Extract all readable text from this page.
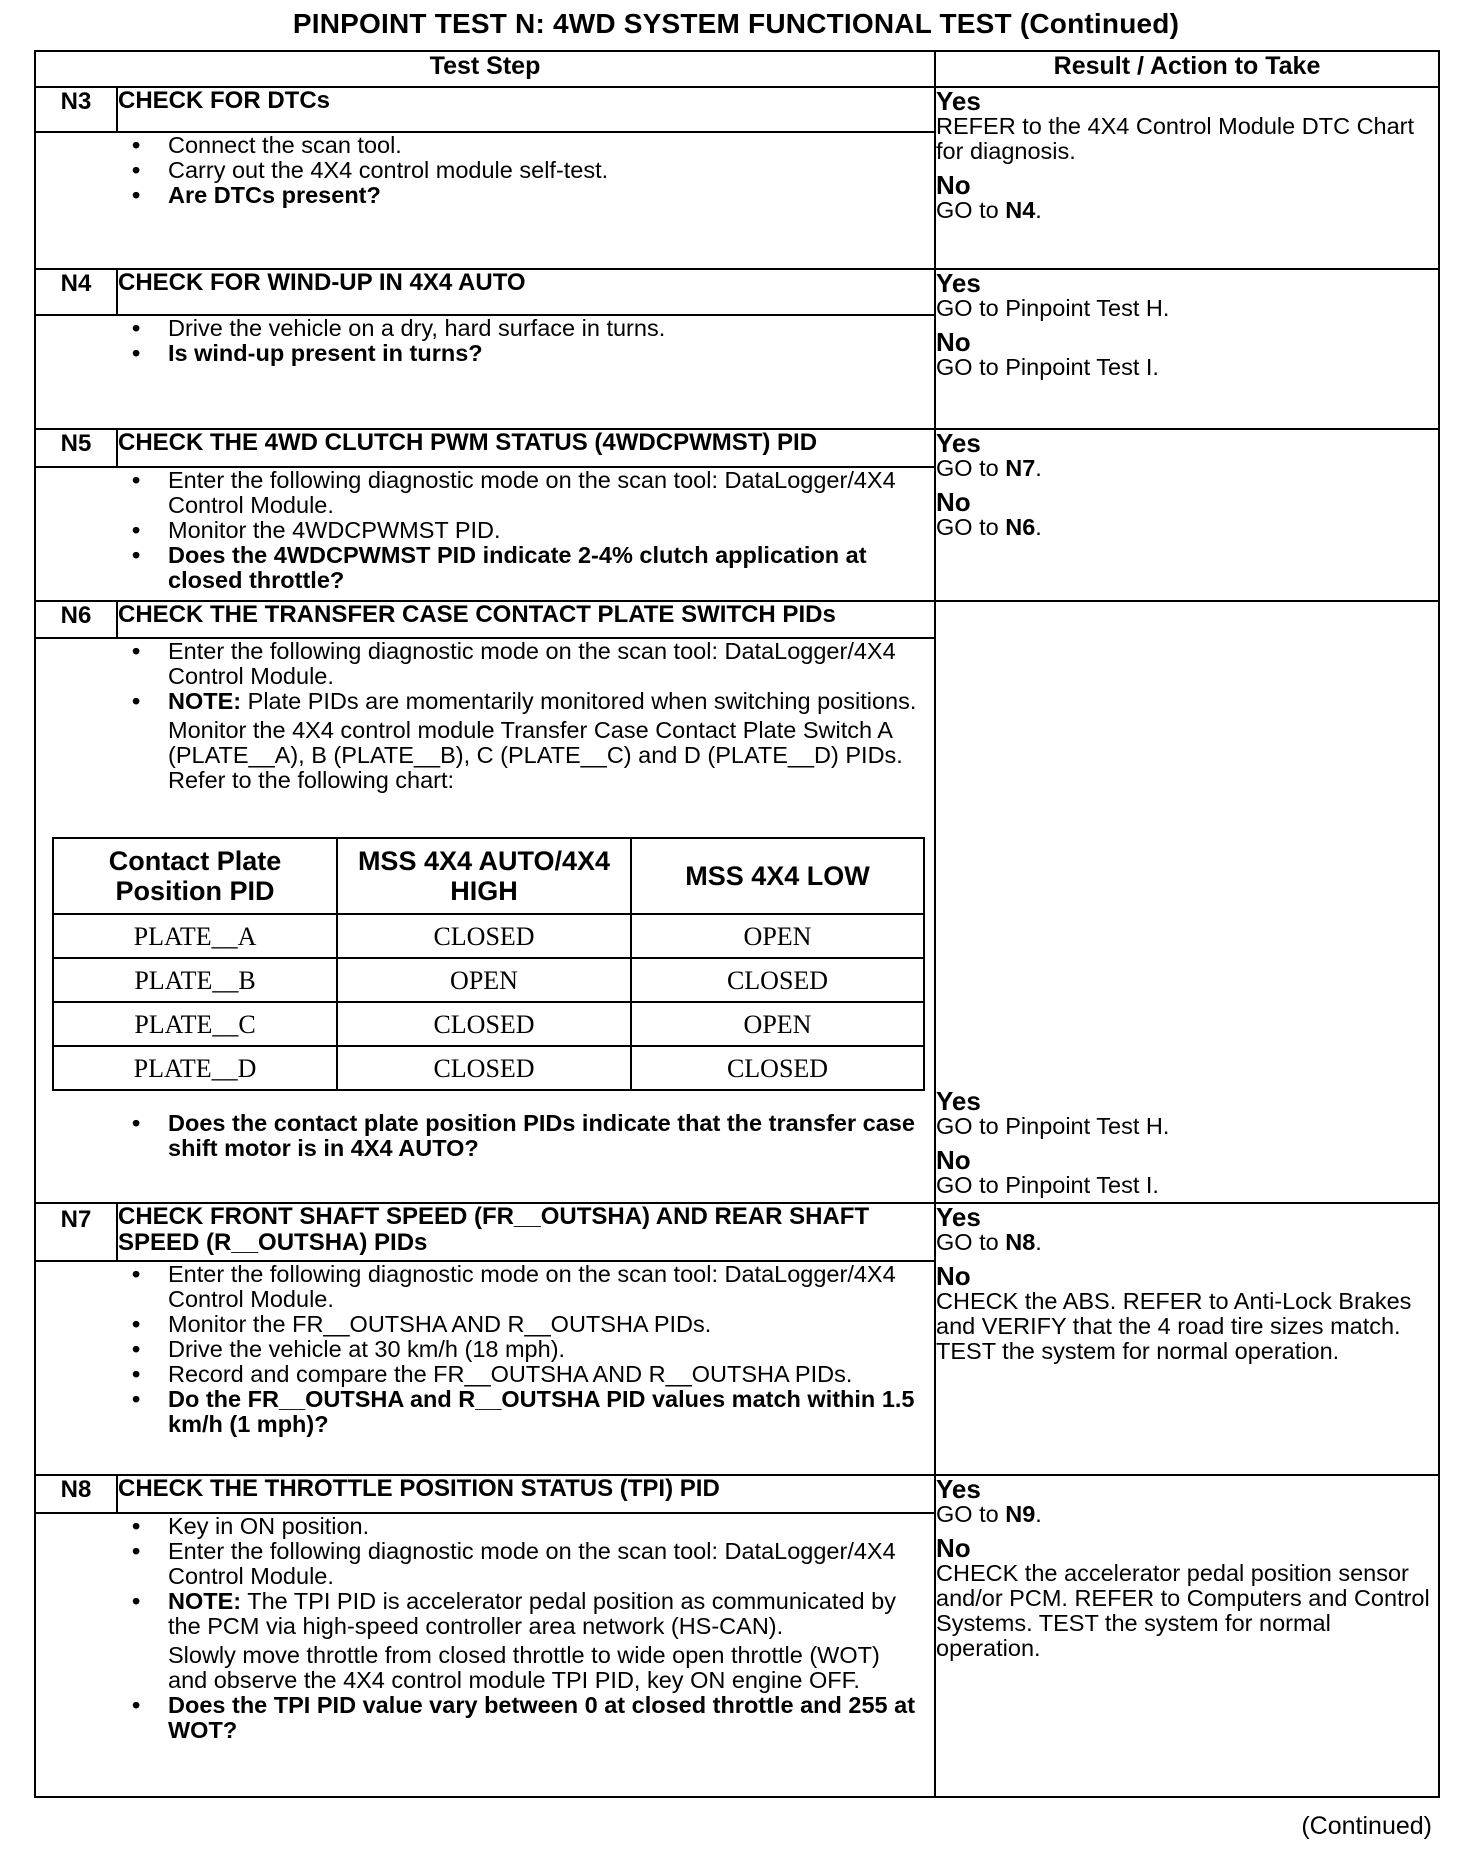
PINPOINT TEST N: 4WD SYSTEM FUNCTIONAL TEST (Continued)
Test Step	Result / Action to Take
N3	CHECK FOR DTCs	Yes
REFER to the 4X4 Control Module DTC Chart for diagnosis.
No
GO to N4.

• Connect the scan tool.
• Carry out the 4X4 control module self-test.
• Are DTCs present?

N4	CHECK FOR WIND-UP IN 4X4 AUTO	Yes
GO to Pinpoint Test H.
No
GO to Pinpoint Test I.

• Drive the vehicle on a dry, hard surface in turns.
• Is wind-up present in turns?

N5	CHECK THE 4WD CLUTCH PWM STATUS (4WDCPWMST) PID	Yes
GO to N7.
No
GO to N6.

• Enter the following diagnostic mode on the scan tool: DataLogger/4X4 Control Module.
• Monitor the 4WDCPWMST PID.
• Does the 4WDCPWMST PID indicate 2-4% clutch application at closed throttle?

N6	CHECK THE TRANSFER CASE CONTACT PLATE SWITCH PIDs	
Yes
GO to Pinpoint Test H.
No
GO to Pinpoint Test I.

• Enter the following diagnostic mode on the scan tool: DataLogger/4X4 Control Module.
• NOTE: Plate PIDs are momentarily monitored when switching positions.
Monitor the 4X4 control module Transfer Case Contact Plate Switch A (PLATE__A), B (PLATE__B), C (PLATE__C) and D (PLATE__D) PIDs. Refer to the following chart:
Contact Plate Position PID	MSS 4X4 AUTO/4X4 HIGH	MSS 4X4 LOW
PLATE__A	CLOSED	OPEN
PLATE__B	OPEN	CLOSED
PLATE__C	CLOSED	OPEN
PLATE__D	CLOSED	CLOSED
• Does the contact plate position PIDs indicate that the transfer case shift motor is in 4X4 AUTO?

N7	CHECK FRONT SHAFT SPEED (FR__OUTSHA) AND REAR SHAFT SPEED (R__OUTSHA) PIDs	
Yes
GO to N8.
No
CHECK the ABS. REFER to Anti-Lock Brakes and VERIFY that the 4 road tire sizes match. TEST the system for normal operation.

• Enter the following diagnostic mode on the scan tool: DataLogger/4X4 Control Module.
• Monitor the FR__OUTSHA AND R__OUTSHA PIDs.
• Drive the vehicle at 30 km/h (18 mph).
• Record and compare the FR__OUTSHA AND R__OUTSHA PIDs.
• Do the FR__OUTSHA and R__OUTSHA PID values match within 1.5 km/h (1 mph)?

N8	CHECK THE THROTTLE POSITION STATUS (TPI) PID	Yes
GO to N9.
No
CHECK the accelerator pedal position sensor and/or PCM. REFER to Computers and Control Systems. TEST the system for normal operation.

• Key in ON position.
• Enter the following diagnostic mode on the scan tool: DataLogger/4X4 Control Module.
• NOTE: The TPI PID is accelerator pedal position as communicated by the PCM via high-speed controller area network (HS-CAN).
Slowly move throttle from closed throttle to wide open throttle (WOT) and observe the 4X4 control module TPI PID, key ON engine OFF.
• Does the TPI PID value vary between 0 at closed throttle and 255 at WOT?
(Continued)
